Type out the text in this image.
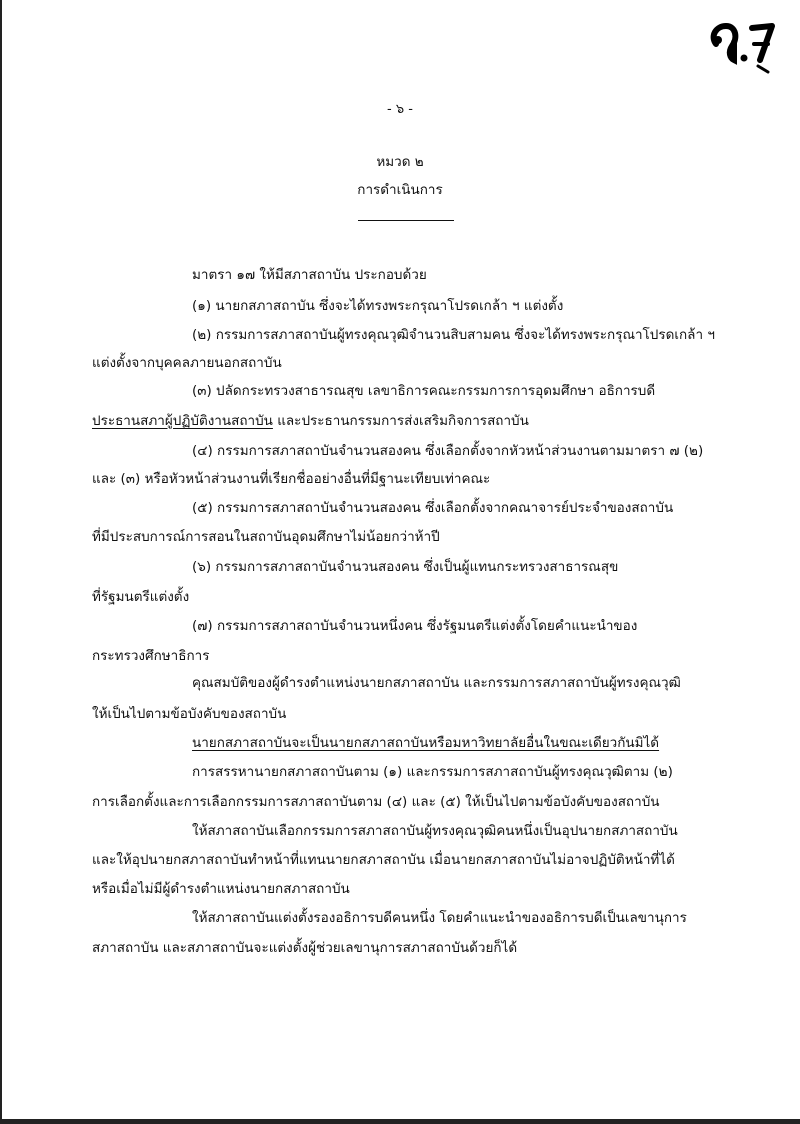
- ๖ -
หมวด ๒
การดำเนินการ
มาตรา ๑๗ ให้มีสภาสถาบัน ประกอบด้วย
(๑) นายกสภาสถาบัน ซึ่งจะได้ทรงพระกรุณาโปรดเกล้า ฯ แต่งตั้ง
(๒) กรรมการสภาสถาบันผู้ทรงคุณวุฒิจำนวนสิบสามคน ซึ่งจะได้ทรงพระกรุณาโปรดเกล้า ฯ
แต่งตั้งจากบุคคลภายนอกสถาบัน
(๓) ปลัดกระทรวงสาธารณสุข เลขาธิการคณะกรรมการการอุดมศึกษา อธิการบดี
ประธานสภาผู้ปฏิบัติงานสถาบัน และประธานกรรมการส่งเสริมกิจการสถาบัน
(๔) กรรมการสภาสถาบันจำนวนสองคน ซึ่งเลือกตั้งจากหัวหน้าส่วนงานตามมาตรา ๗ (๒)
และ (๓) หรือหัวหน้าส่วนงานที่เรียกชื่ออย่างอื่นที่มีฐานะเทียบเท่าคณะ
(๕) กรรมการสภาสถาบันจำนวนสองคน ซึ่งเลือกตั้งจากคณาจารย์ประจำของสถาบัน
ที่มีประสบการณ์การสอนในสถาบันอุดมศึกษาไม่น้อยกว่าห้าปี
(๖) กรรมการสภาสถาบันจำนวนสองคน ซึ่งเป็นผู้แทนกระทรวงสาธารณสุข
ที่รัฐมนตรีแต่งตั้ง
(๗) กรรมการสภาสถาบันจำนวนหนึ่งคน ซึ่งรัฐมนตรีแต่งตั้งโดยคำแนะนำของ
กระทรวงศึกษาธิการ
คุณสมบัติของผู้ดำรงตำแหน่งนายกสภาสถาบัน และกรรมการสภาสถาบันผู้ทรงคุณวุฒิ
ให้เป็นไปตามข้อบังคับของสถาบัน
นายกสภาสถาบันจะเป็นนายกสภาสถาบันหรือมหาวิทยาลัยอื่นในขณะเดียวกันมิได้
การสรรหานายกสภาสถาบันตาม (๑) และกรรมการสภาสถาบันผู้ทรงคุณวุฒิตาม (๒)
การเลือกตั้งและการเลือกกรรมการสภาสถาบันตาม (๔) และ (๕) ให้เป็นไปตามข้อบังคับของสถาบัน
ให้สภาสถาบันเลือกกรรมการสภาสถาบันผู้ทรงคุณวุฒิคนหนึ่งเป็นอุปนายกสภาสถาบัน
และให้อุปนายกสภาสถาบันทำหน้าที่แทนนายกสภาสถาบัน เมื่อนายกสภาสถาบันไม่อาจปฏิบัติหน้าที่ได้
หรือเมื่อไม่มีผู้ดำรงตำแหน่งนายกสภาสถาบัน
ให้สภาสถาบันแต่งตั้งรองอธิการบดีคนหนึ่ง โดยคำแนะนำของอธิการบดีเป็นเลขานุการ
สภาสถาบัน และสภาสถาบันจะแต่งตั้งผู้ช่วยเลขานุการสภาสถาบันด้วยก็ได้
